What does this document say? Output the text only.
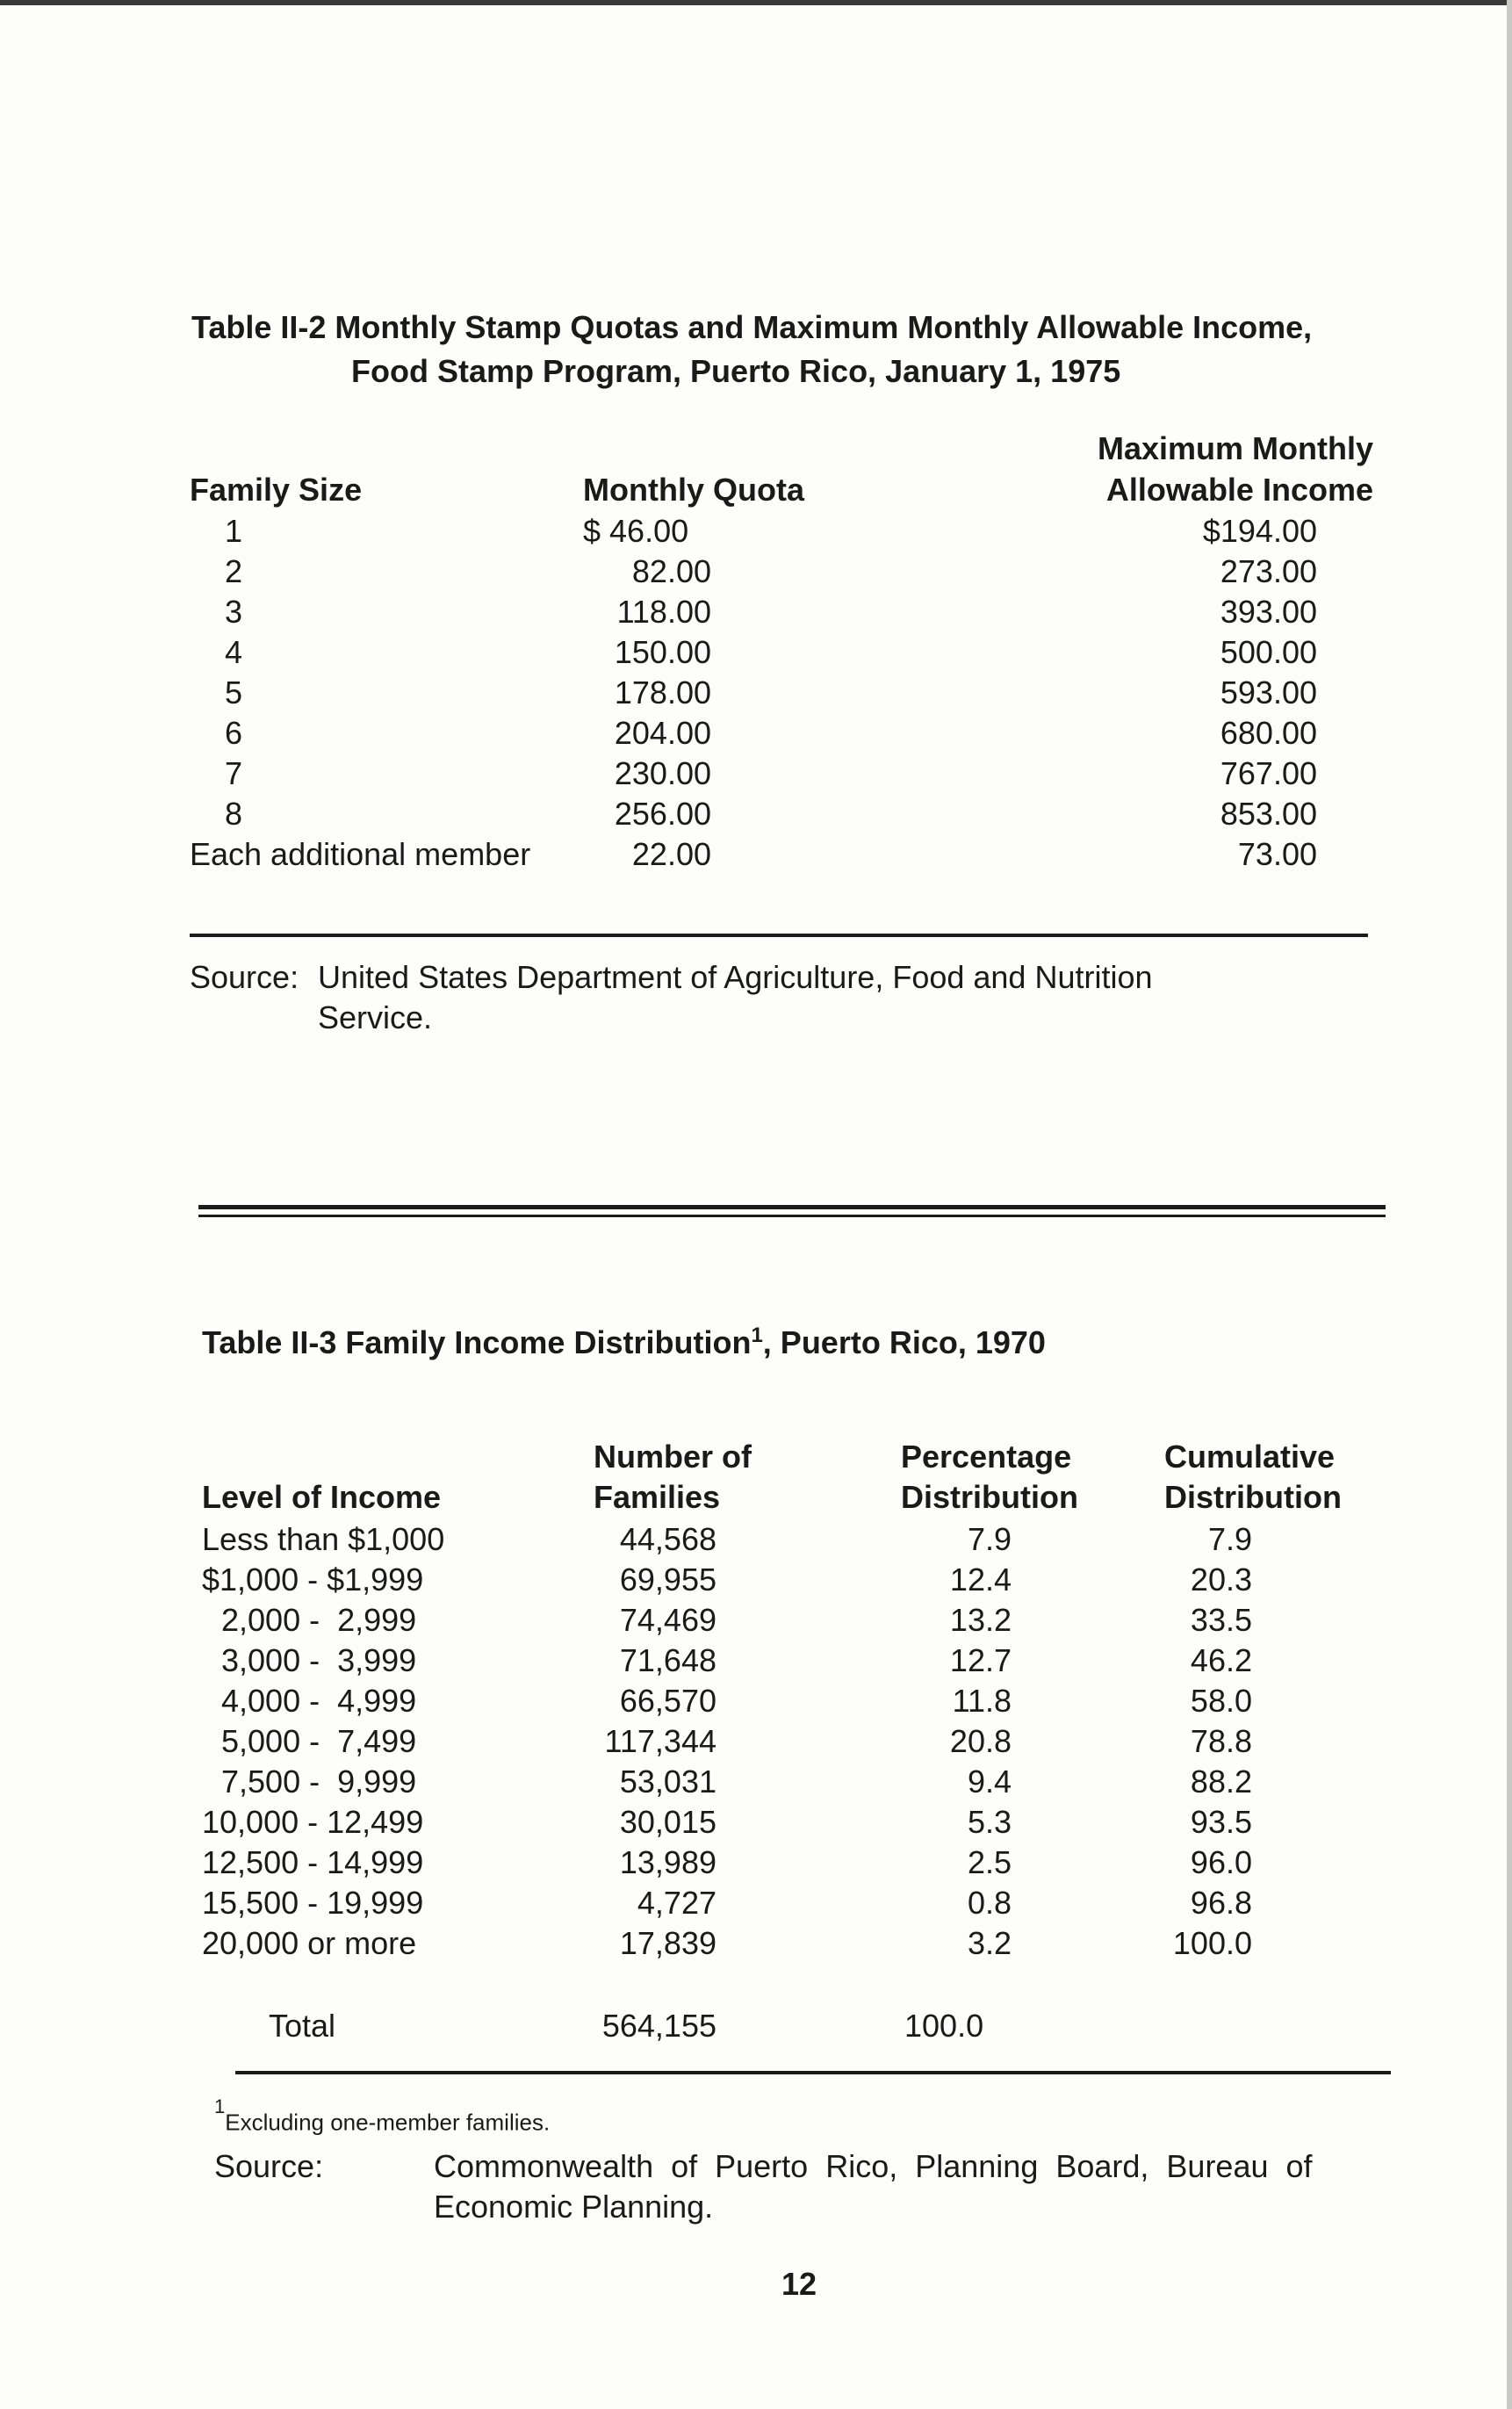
Table II-2 Monthly Stamp Quotas and Maximum Monthly Allowable Income,
Food Stamp Program, Puerto Rico, January 1, 1975
Maximum Monthly
Family Size	Monthly Quota	Allowable Income
1	$ 46.00	$194.00
2	82.00	273.00
3	118.00	393.00
4	150.00	500.00
5	178.00	593.00
6	204.00	680.00
7	230.00	767.00
8	256.00	853.00
Each additional member	22.00	73.00
Source: United States Department of Agriculture, Food and Nutrition
Service.
Table II-3 Family Income Distribution$^1$, Puerto Rico, 1970
Number of	Percentage	Cumulative
Level of Income	Families	Distribution	Distribution
Less than $1,000	44,568	7.9	7.9
$1,000 - $1,999	69,955	12.4	20.3
2,000 -  2,999	74,469	13.2	33.5
3,000 -  3,999	71,648	12.7	46.2
4,000 -  4,999	66,570	11.8	58.0
5,000 -  7,499	117,344	20.8	78.8
7,500 -  9,999	53,031	9.4	88.2
10,000 - 12,499	30,015	5.3	93.5
12,500 - 14,999	13,989	2.5	96.0
15,500 - 19,999	4,727	0.8	96.8
20,000 or more	17,839	3.2	100.0
Total	564,155	100.0
$^1$Excluding one-member families.
Source:	Commonwealth of Puerto Rico, Planning Board, Bureau of
Economic Planning.
12
